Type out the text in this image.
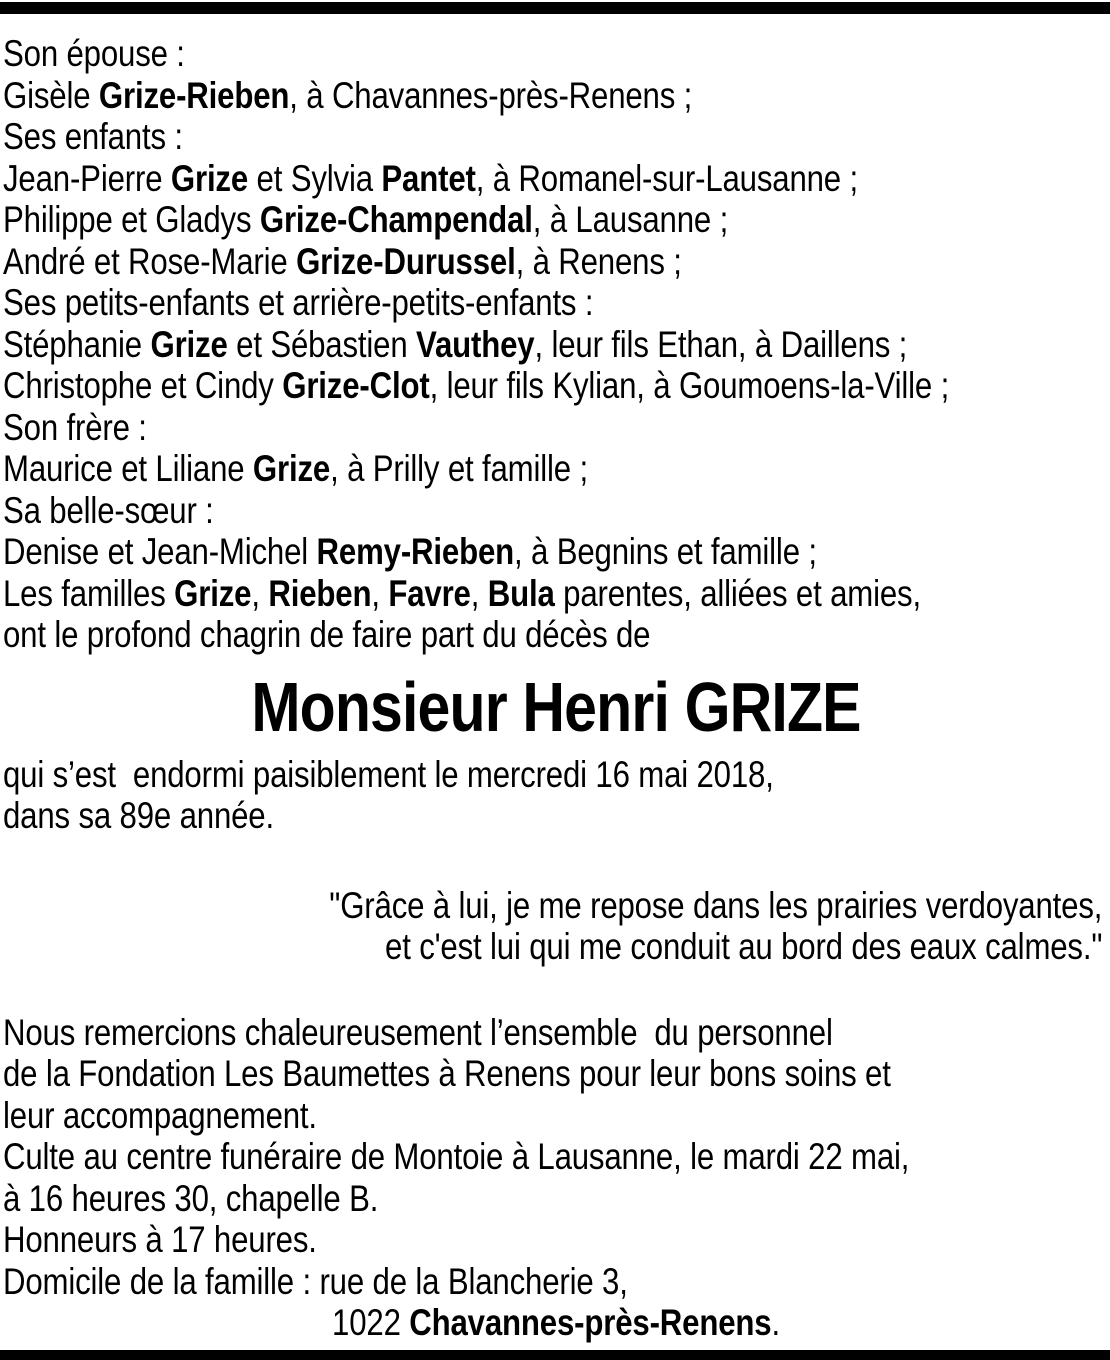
Son épouse :
Gisèle Grize-Rieben, à Chavannes-près-Renens ;
Ses enfants :
Jean-Pierre Grize et Sylvia Pantet, à Romanel-sur-Lausanne ;
Philippe et Gladys Grize-Champendal, à Lausanne ;
André et Rose-Marie Grize-Durussel, à Renens ;
Ses petits-enfants et arrière-petits-enfants :
Stéphanie Grize et Sébastien Vauthey, leur fils Ethan, à Daillens ;
Christophe et Cindy Grize-Clot, leur fils Kylian, à Goumoens-la-Ville ;
Son frère :
Maurice et Liliane Grize, à Prilly et famille ;
Sa belle-sœur :
Denise et Jean-Michel Remy-Rieben, à Begnins et famille ;
Les familles Grize, Rieben, Favre, Bula parentes, alliées et amies,
ont le profond chagrin de faire part du décès de
Monsieur Henri GRIZE
qui s’est  endormi paisiblement le mercredi 16 mai 2018,
dans sa 89e année.
"Grâce à lui, je me repose dans les prairies verdoyantes,
et c'est lui qui me conduit au bord des eaux calmes."
Nous remercions chaleureusement l’ensemble  du personnel
de la Fondation Les Baumettes à Renens pour leur bons soins et
leur accompagnement.
Culte au centre funéraire de Montoie à Lausanne, le mardi 22 mai,
à 16 heures 30, chapelle B.
Honneurs à 17 heures.
Domicile de la famille : rue de la Blancherie 3,
1022 Chavannes-près-Renens.
